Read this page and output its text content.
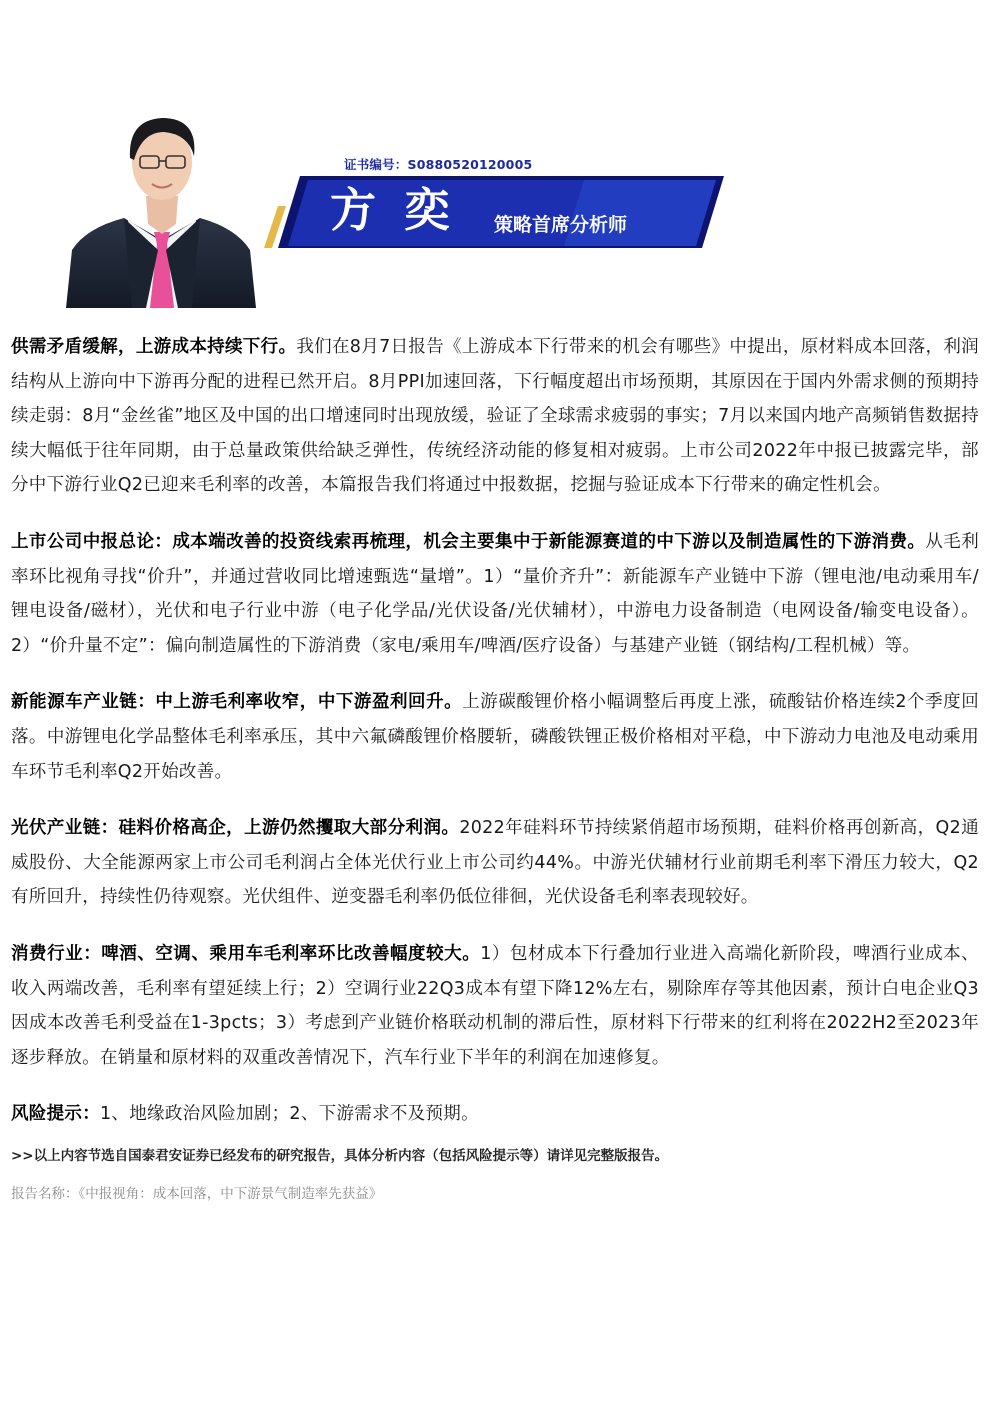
证书编号：S0880520120005
方奕 策略首席分析师

供需矛盾缓解，上游成本持续下行。我们在8月7日报告《上游成本下行带来的机会有哪些》中提出，原材料成本回落，利润结构从上游向中下游再分配的进程已然开启。8月PPI加速回落，下行幅度超出市场预期，其原因在于国内外需求侧的预期持续走弱：8月“金丝雀”地区及中国的出口增速同时出现放缓，验证了全球需求疲弱的事实；7月以来国内地产高频销售数据持续大幅低于往年同期，由于总量政策供给缺乏弹性，传统经济动能的修复相对疲弱。上市公司2022年中报已披露完毕，部分中下游行业Q2已迎来毛利率的改善，本篇报告我们将通过中报数据，挖掘与验证成本下行带来的确定性机会。

上市公司中报总论：成本端改善的投资线索再梳理，机会主要集中于新能源赛道的中下游以及制造属性的下游消费。从毛利率环比视角寻找“价升”，并通过营收同比增速甄选“量增”。1）“量价齐升”：新能源车产业链中下游（锂电池/电动乘用车/锂电设备/磁材），光伏和电子行业中游（电子化学品/光伏设备/光伏辅材），中游电力设备制造（电网设备/输变电设备）。2）“价升量不定”：偏向制造属性的下游消费（家电/乘用车/啤酒/医疗设备）与基建产业链（钢结构/工程机械）等。

新能源车产业链：中上游毛利率收窄，中下游盈利回升。上游碳酸锂价格小幅调整后再度上涨，硫酸钴价格连续2个季度回落。中游锂电化学品整体毛利率承压，其中六氟磷酸锂价格腰斩，磷酸铁锂正极价格相对平稳，中下游动力电池及电动乘用车环节毛利率Q2开始改善。

光伏产业链：硅料价格高企，上游仍然攫取大部分利润。2022年硅料环节持续紧俏超市场预期，硅料价格再创新高，Q2通威股份、大全能源两家上市公司毛利润占全体光伏行业上市公司约44%。中游光伏辅材行业前期毛利率下滑压力较大，Q2有所回升，持续性仍待观察。光伏组件、逆变器毛利率仍低位徘徊，光伏设备毛利率表现较好。

消费行业：啤酒、空调、乘用车毛利率环比改善幅度较大。1）包材成本下行叠加行业进入高端化新阶段，啤酒行业成本、收入两端改善，毛利率有望延续上行；2）空调行业22Q3成本有望下降12%左右，剔除库存等其他因素，预计白电企业Q3因成本改善毛利受益在1-3pcts；3）考虑到产业链价格联动机制的滞后性，原材料下行带来的红利将在2022H2至2023年逐步释放。在销量和原材料的双重改善情况下，汽车行业下半年的利润在加速修复。

风险提示：1、地缘政治风险加剧；2、下游需求不及预期。

>>以上内容节选自国泰君安证券已经发布的研究报告，具体分析内容（包括风险提示等）请详见完整版报告。
报告名称：《中报视角：成本回落，中下游景气制造率先获益》
